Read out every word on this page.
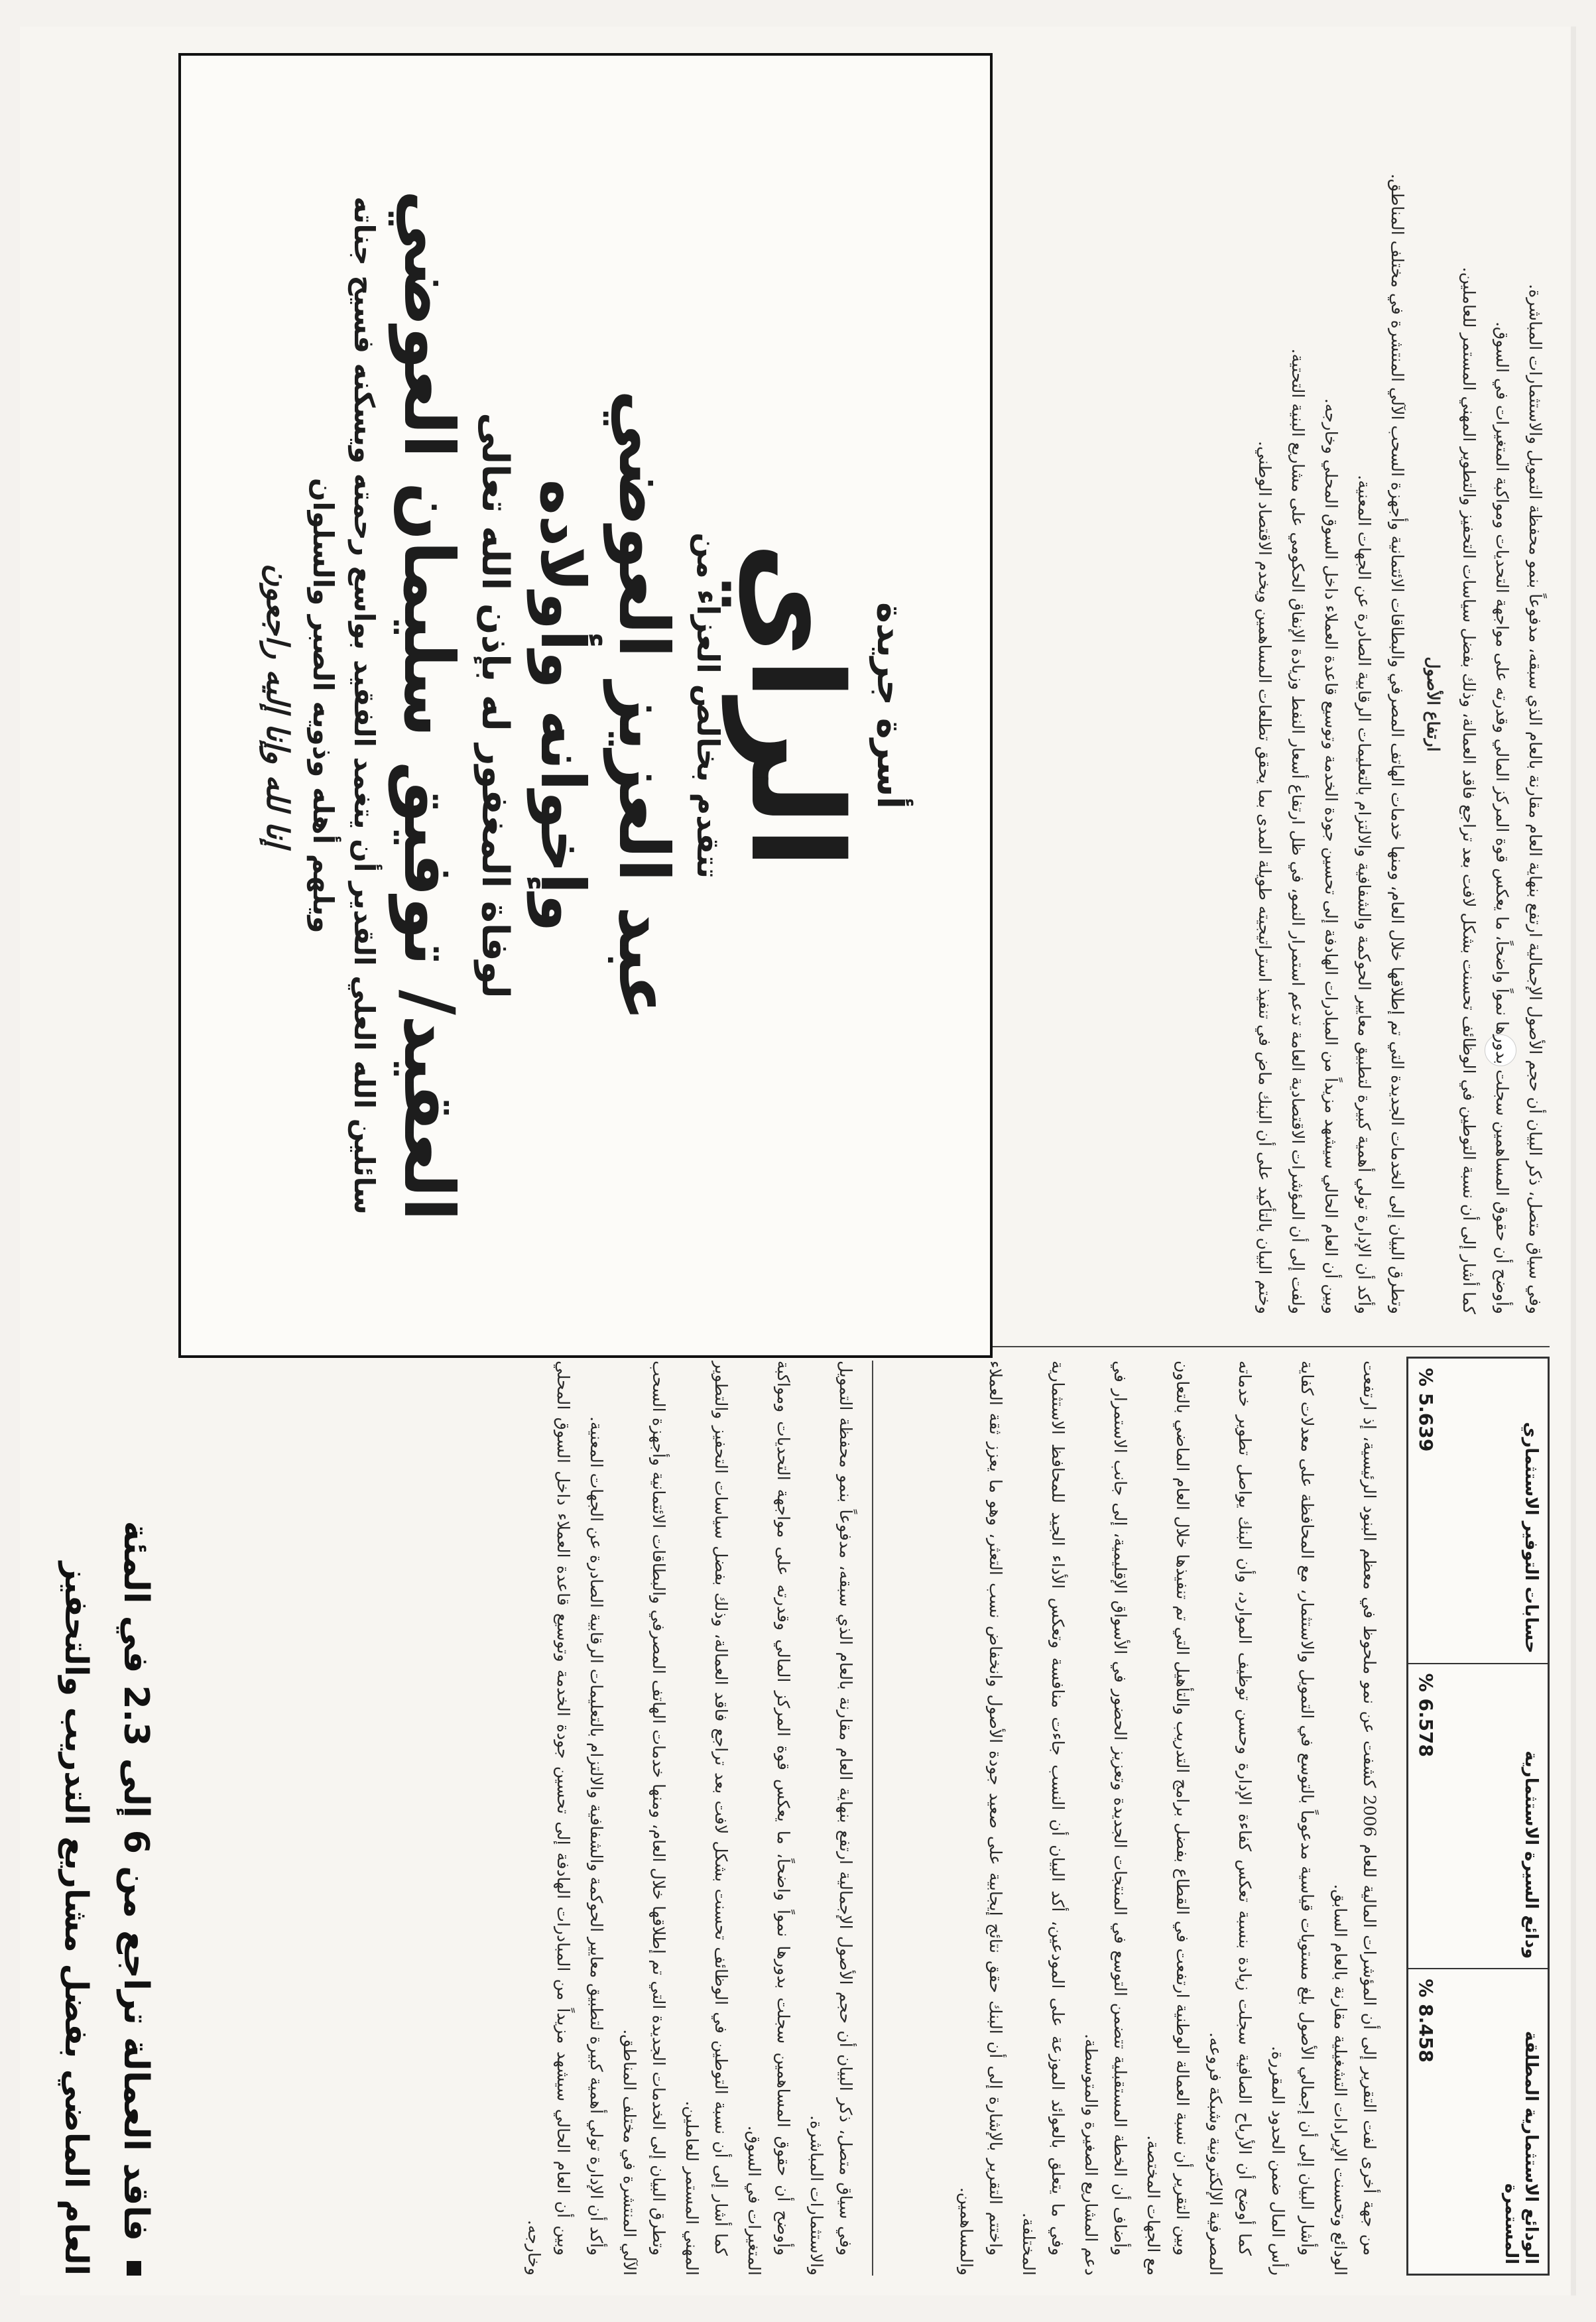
الودائع الاستثمارية المطلقة المستمرة
% 8.458
ودائع السيرة الاستثمارية
% 6.578
حسابات التوفير الاستثماري
% 5.639

من جهة أخرى لفت التقرير إلى أن المؤشرات المالية للعام 2006 كشفت عن نمو ملحوظ في معظم البنود الرئيسية، إذ ارتفعت الودائع وتحسنت الإيرادات التشغيلية مقارنة بالعام السابق.

وأشار البيان إلى أن إجمالي الأصول بلغ مستويات قياسية مدعوماً بالتوسع في التمويل والاستثمار، مع المحافظة على معدلات كفاية رأس المال ضمن الحدود المقررة.

كما أوضح أن الأرباح الصافية سجلت زيادة بنسبة تعكس كفاءة الإدارة وحسن توظيف الموارد، وأن البنك يواصل تطوير خدماته المصرفية الإلكترونية وشبكة فروعه.

وبين التقرير أن نسبة العمالة الوطنية ارتفعت في القطاع بفضل برامج التدريب والتأهيل التي تم تنفيذها خلال العام الماضي بالتعاون مع الجهات المختصة.

وأضاف أن الخطة المستقبلية تتضمن التوسع في المنتجات الجديدة وتعزيز الحضور في الأسواق الإقليمية، إلى جانب الاستمرار في دعم المشاريع الصغيرة والمتوسطة.

وفي ما يتعلق بالعوائد الموزعة على المودعين، أكد البيان أن النسب جاءت منافسة وتعكس الأداء الجيد للمحافظ الاستثمارية المختلفة.

واختتم التقرير بالإشارة إلى أن البنك حقق نتائج إيجابية على صعيد جودة الأصول وانخفاض نسب التعثر، وهو ما يعزز ثقة العملاء والمساهمين.

وفي سياق متصل، ذكر البيان أن حجم الأصول الإجمالية ارتفع بنهاية العام مقارنة بالعام الذي سبقه، مدفوعاً بنمو محفظة التمويل والاستثمارات المباشرة.

وأوضح أن حقوق المساهمين سجلت بدورها نمواً واضحاً، ما يعكس قوة المركز المالي وقدرته على مواجهة التحديات ومواكبة المتغيرات في السوق.

كما أشار إلى أن نسبة التوطين في الوظائف تحسنت بشكل لافت بعد تراجع فاقد العمالة، وذلك بفضل سياسات التحفيز والتطوير المهني المستمر للعاملين.

ارتفاع الأصول

وتطرق البيان إلى الخدمات الجديدة التي تم إطلاقها خلال العام، ومنها خدمات الهاتف المصرفي والبطاقات الائتمانية وأجهزة السحب الآلي المنتشرة في مختلف المناطق.

وأكد أن الإدارة تولي أهمية كبيرة لتطبيق معايير الحوكمة والشفافية والالتزام بالتعليمات الرقابية الصادرة عن الجهات المعنية.

وبين أن العام الحالي سيشهد مزيداً من المبادرات الهادفة إلى تحسين جودة الخدمة وتوسيع قاعدة العملاء داخل السوق المحلي وخارجه.

ولفت إلى أن المؤشرات الاقتصادية العامة تدعم استمرار النمو، في ظل ارتفاع أسعار النفط وزيادة الإنفاق الحكومي على مشاريع البنية التحتية.

وختم البيان بالتأكيد على أن البنك ماض في تنفيذ استراتيجيته طويلة المدى بما يحقق تطلعات المساهمين ويخدم الاقتصاد الوطني.

وفي سياق متصل، ذكر البيان أن حجم الأصول الإجمالية ارتفع بنهاية العام مقارنة بالعام الذي سبقه، مدفوعاً بنمو محفظة التمويل والاستثمارات المباشرة.

وأوضح أن حقوق المساهمين سجلت بدورها نمواً واضحاً، ما يعكس قوة المركز المالي وقدرته على مواجهة التحديات ومواكبة المتغيرات في السوق.

كما أشار إلى أن نسبة التوطين في الوظائف تحسنت بشكل لافت بعد تراجع فاقد العمالة، وذلك بفضل سياسات التحفيز والتطوير المهني المستمر للعاملين.

وتطرق البيان إلى الخدمات الجديدة التي تم إطلاقها خلال العام، ومنها خدمات الهاتف المصرفي والبطاقات الائتمانية وأجهزة السحب الآلي المنتشرة في مختلف المناطق.

وأكد أن الإدارة تولي أهمية كبيرة لتطبيق معايير الحوكمة والشفافية والالتزام بالتعليمات الرقابية الصادرة عن الجهات المعنية.

وبين أن العام الحالي سيشهد مزيداً من المبادرات الهادفة إلى تحسين جودة الخدمة وتوسيع قاعدة العملاء داخل السوق المحلي وخارجه.

فاقد العمالة تراجع من 6 إلى 2.3 في المئة
العام الماضي بفضل مشاريع التدريب والتحفيز
أسرة جريدة
الراي
تتقدم بخالص العزاء من
عبد العزيز العوضي
وإخوانه وأولاده
لوفاة المغفور له بإذن الله تعالى
العقيد/ توفيق سليمان العوضي
سائلين الله العلي القدير أن يتغمد الفقيد بواسع رحمته ويسكنه فسيح جناته
ويلهم أهله وذويه الصبر والسلوان
إنا لله وإنا إليه راجعون
